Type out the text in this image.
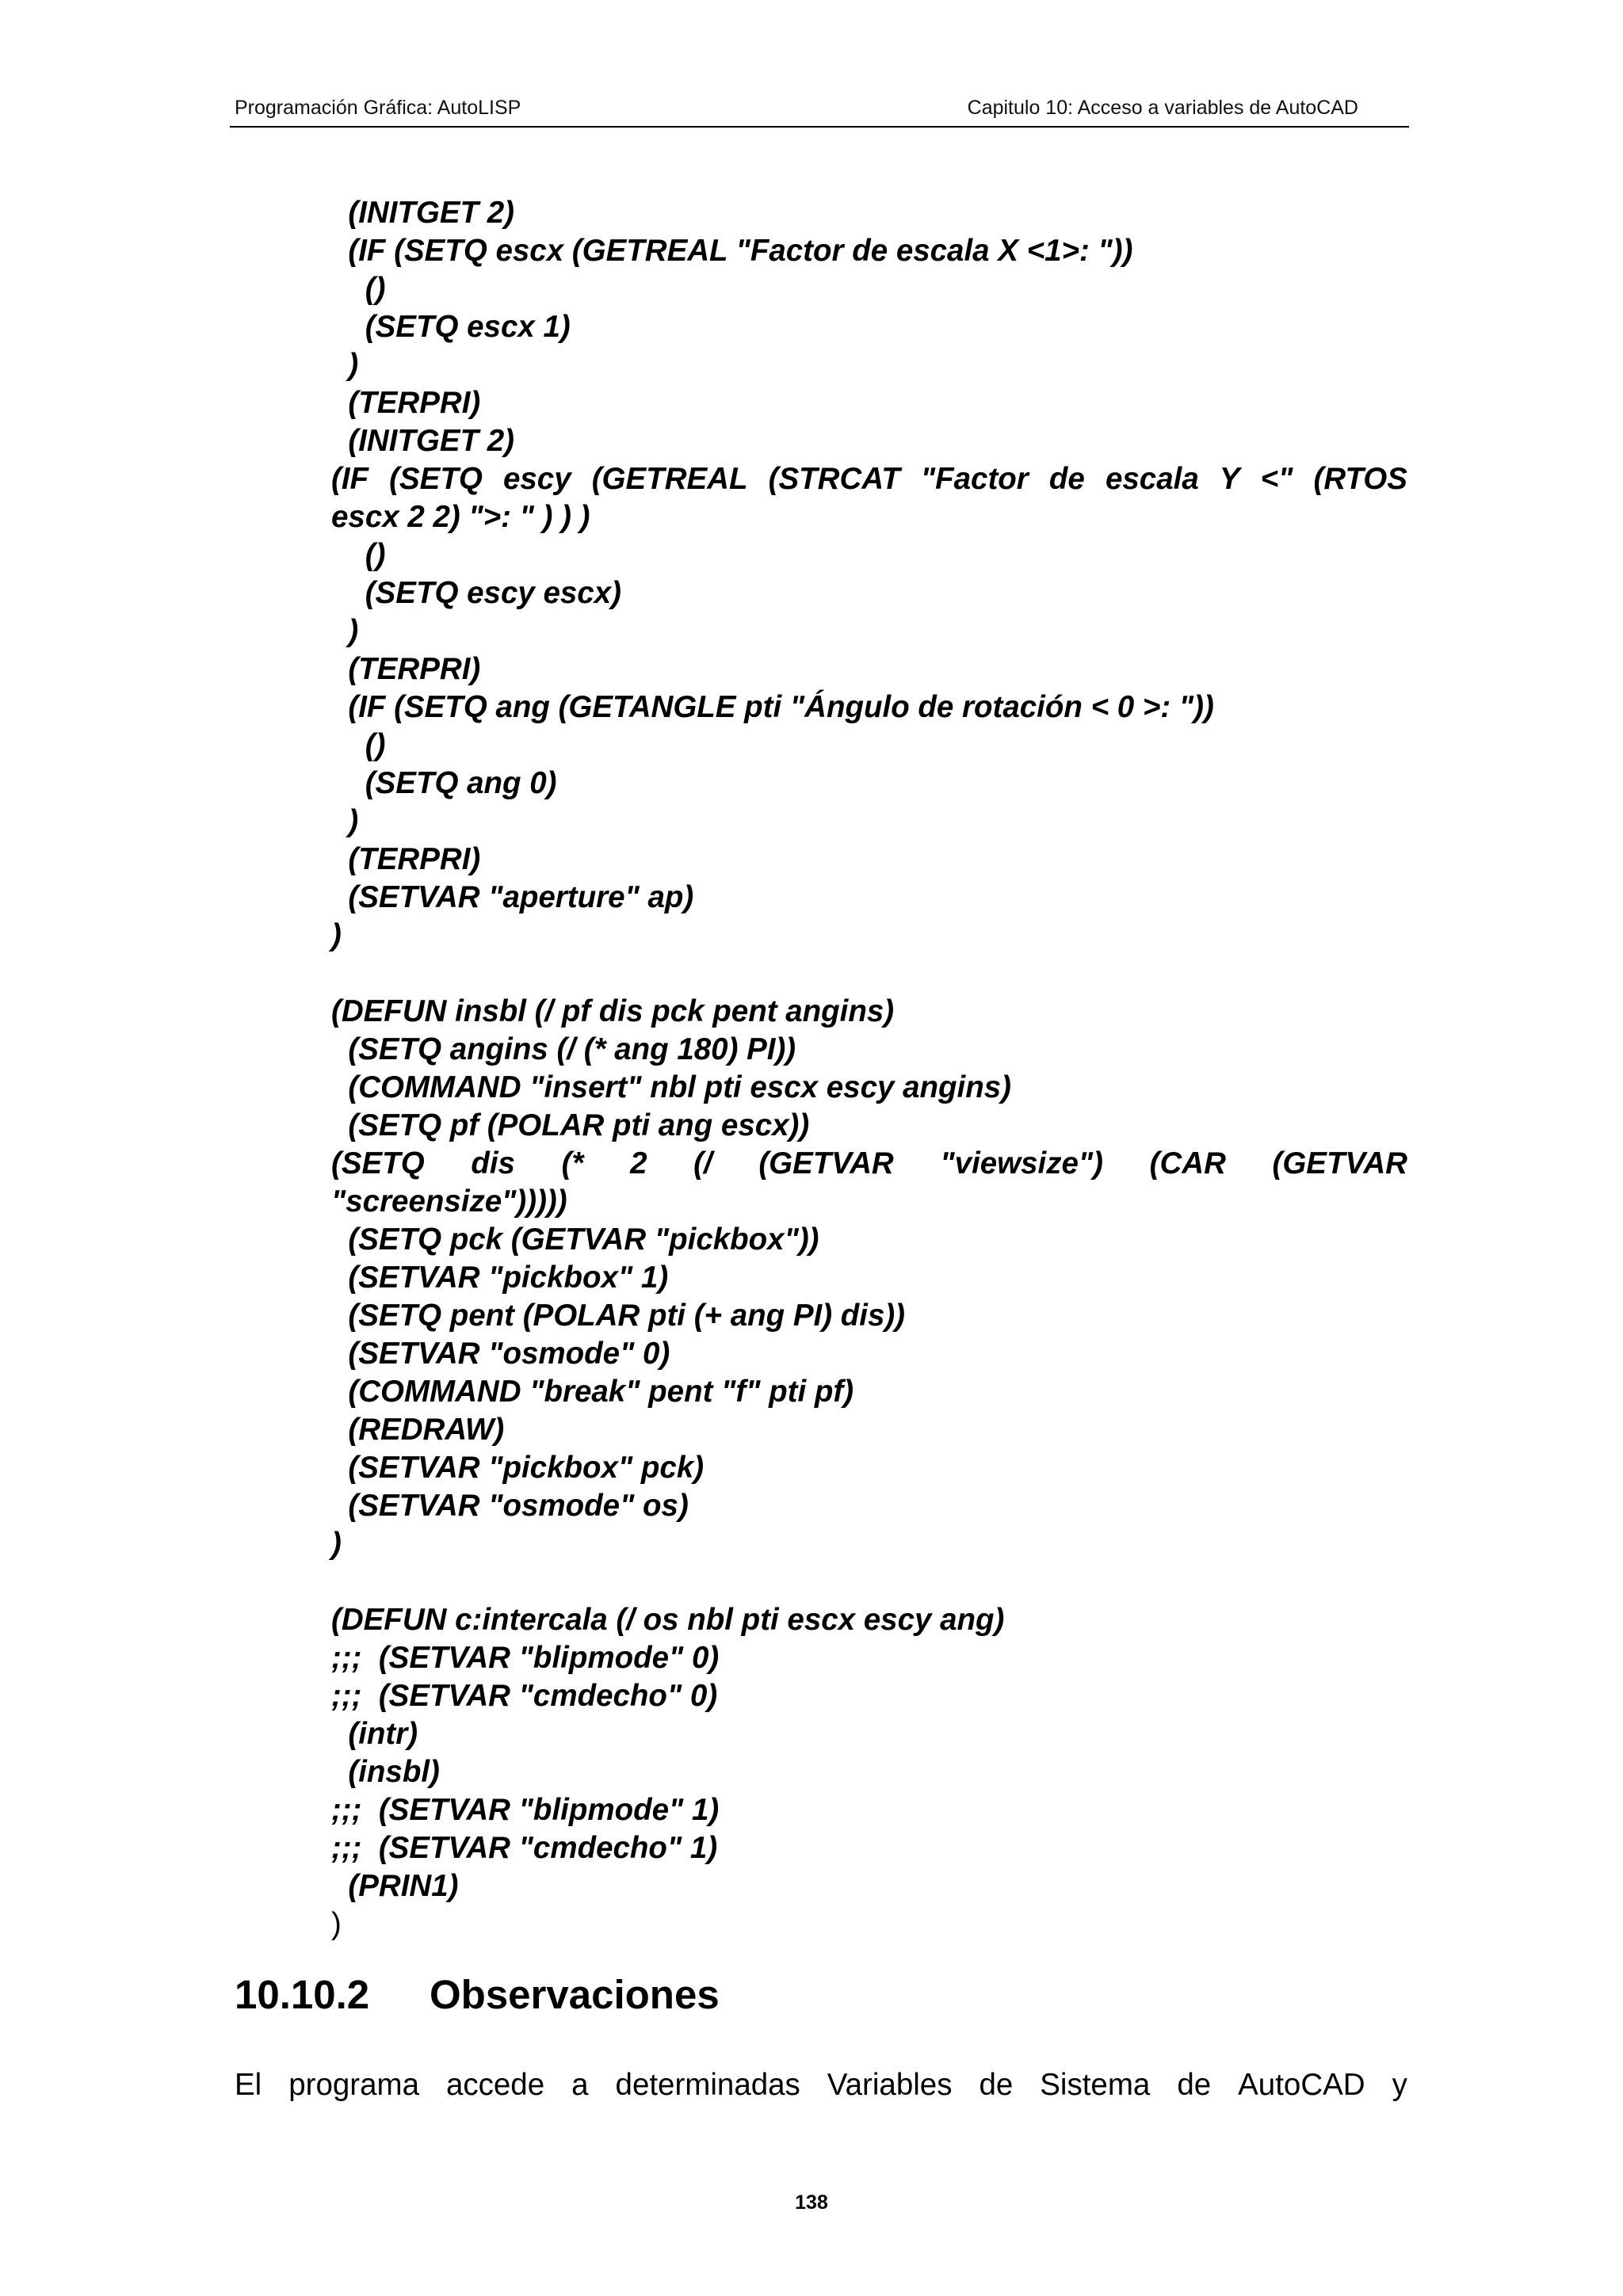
Programación Gráfica: AutoLISP	Capitulo 10: Acceso a variables de AutoCAD
(INITGET 2)
(IF (SETQ escx (GETREAL "Factor de escala X <1>: "))
()
(SETQ escx 1)
)
(TERPRI)
(INITGET 2)
(IF (SETQ escy (GETREAL (STRCAT "Factor de escala Y <" (RTOS
escx 2 2) ">: " ) ) )
()
(SETQ escy escx)
)
(TERPRI)
(IF (SETQ ang (GETANGLE pti "Ángulo de rotación < 0 >: "))
()
(SETQ ang 0)
)
(TERPRI)
(SETVAR "aperture" ap)
)
(DEFUN insbl (/ pf dis pck pent angins)
(SETQ angins (/ (* ang 180) PI))
(COMMAND "insert" nbl pti escx escy angins)
(SETQ pf (POLAR pti ang escx))
(SETQ dis (* 2 (/ (GETVAR "viewsize") (CAR (GETVAR
"screensize")))))
(SETQ pck (GETVAR "pickbox"))
(SETVAR "pickbox" 1)
(SETQ pent (POLAR pti (+ ang PI) dis))
(SETVAR "osmode" 0)
(COMMAND "break" pent "f" pti pf)
(REDRAW)
(SETVAR "pickbox" pck)
(SETVAR "osmode" os)
)
(DEFUN c:intercala (/ os nbl pti escx escy ang)
;;;  (SETVAR "blipmode" 0)
;;;  (SETVAR "cmdecho" 0)
(intr)
(insbl)
;;;  (SETVAR "blipmode" 1)
;;;  (SETVAR "cmdecho" 1)
(PRIN1)
)
10.10.2 Observaciones
El programa accede a determinadas Variables de Sistema de AutoCAD y
138
